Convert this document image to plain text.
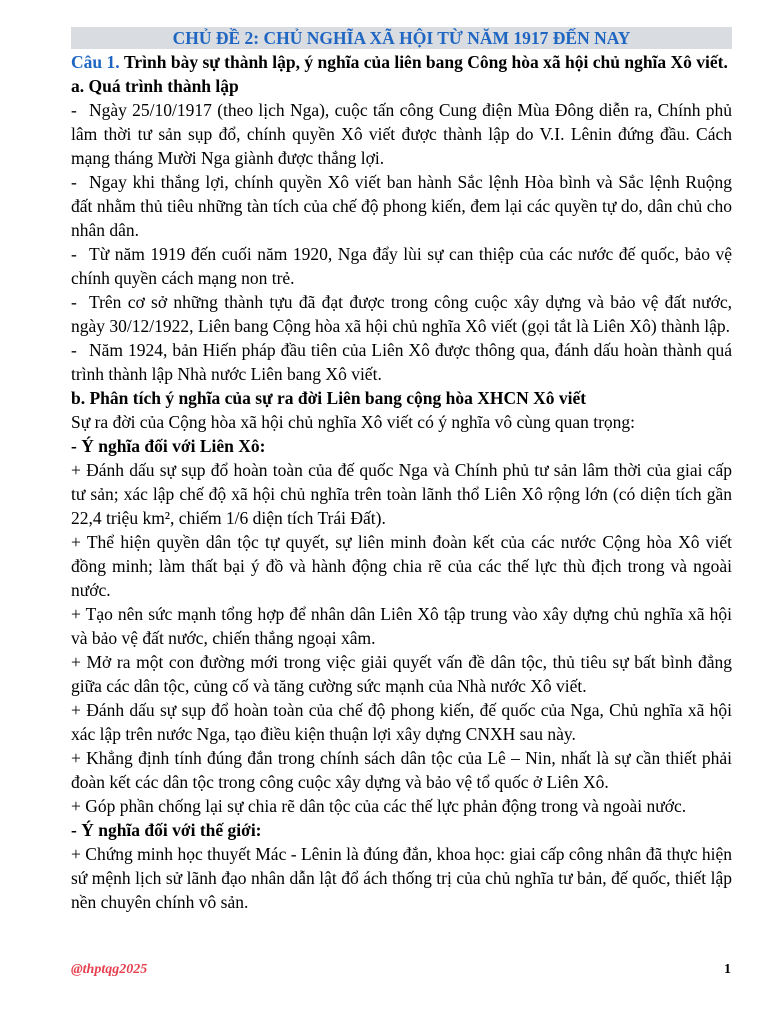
CHỦ ĐỀ 2: CHỦ NGHĨA XÃ HỘI TỪ NĂM 1917 ĐẾN NAY

Câu 1. Trình bày sự thành lập, ý nghĩa của liên bang Công hòa xã hội chủ nghĩa Xô viết.

a. Quá trình thành lập

- Ngày 25/10/1917 (theo lịch Nga), cuộc tấn công Cung điện Mùa Đông diễn ra, Chính phủ lâm thời tư sản sụp đổ, chính quyền Xô viết được thành lập do V.I. Lênin đứng đầu. Cách mạng tháng Mười Nga giành được thắng lợi.

- Ngay khi thắng lợi, chính quyền Xô viết ban hành Sắc lệnh Hòa bình và Sắc lệnh Ruộng đất nhằm thủ tiêu những tàn tích của chế độ phong kiến, đem lại các quyền tự do, dân chủ cho nhân dân.

- Từ năm 1919 đến cuối năm 1920, Nga đẩy lùi sự can thiệp của các nước đế quốc, bảo vệ chính quyền cách mạng non trẻ.

- Trên cơ sở những thành tựu đã đạt được trong công cuộc xây dựng và bảo vệ đất nước, ngày 30/12/1922, Liên bang Cộng hòa xã hội chủ nghĩa Xô viết (gọi tắt là Liên Xô) thành lập.

- Năm 1924, bản Hiến pháp đầu tiên của Liên Xô được thông qua, đánh dấu hoàn thành quá trình thành lập Nhà nước Liên bang Xô viết.

b. Phân tích ý nghĩa của sự ra đời Liên bang cộng hòa XHCN Xô viết

Sự ra đời của Cộng hòa xã hội chủ nghĩa Xô viết có ý nghĩa vô cùng quan trọng:

- Ý nghĩa đối với Liên Xô:

+ Đánh dấu sự sụp đổ hoàn toàn của đế quốc Nga và Chính phủ tư sản lâm thời của giai cấp tư sản; xác lập chế độ xã hội chủ nghĩa trên toàn lãnh thổ Liên Xô rộng lớn (có diện tích gần 22,4 triệu km², chiếm 1/6 diện tích Trái Đất).

+ Thể hiện quyền dân tộc tự quyết, sự liên minh đoàn kết của các nước Cộng hòa Xô viết đồng minh; làm thất bại ý đồ và hành động chia rẽ của các thế lực thù địch trong và ngoài nước.

+ Tạo nên sức mạnh tổng hợp để nhân dân Liên Xô tập trung vào xây dựng chủ nghĩa xã hội và bảo vệ đất nước, chiến thắng ngoại xâm.

+ Mở ra một con đường mới trong việc giải quyết vấn đề dân tộc, thủ tiêu sự bất bình đẳng giữa các dân tộc, củng cố và tăng cường sức mạnh của Nhà nước Xô viết.

+ Đánh dấu sự sụp đổ hoàn toàn của chế độ phong kiến, đế quốc của Nga, Chủ nghĩa xã hội xác lập trên nước Nga, tạo điều kiện thuận lợi xây dựng CNXH sau này.

+ Khẳng định tính đúng đắn trong chính sách dân tộc của Lê – Nin, nhất là sự cần thiết phải đoàn kết các dân tộc trong công cuộc xây dựng và bảo vệ tổ quốc ở Liên Xô.

+ Góp phần chống lại sự chia rẽ dân tộc của các thế lực phản động trong và ngoài nước.

- Ý nghĩa đối với thế giới:

+ Chứng minh học thuyết Mác - Lênin là đúng đắn, khoa học: giai cấp công nhân đã thực hiện sứ mệnh lịch sử lãnh đạo nhân dẫn lật đổ ách thống trị của chủ nghĩa tư bản, đế quốc, thiết lập nền chuyên chính vô sản.

@thptqg2025	1
